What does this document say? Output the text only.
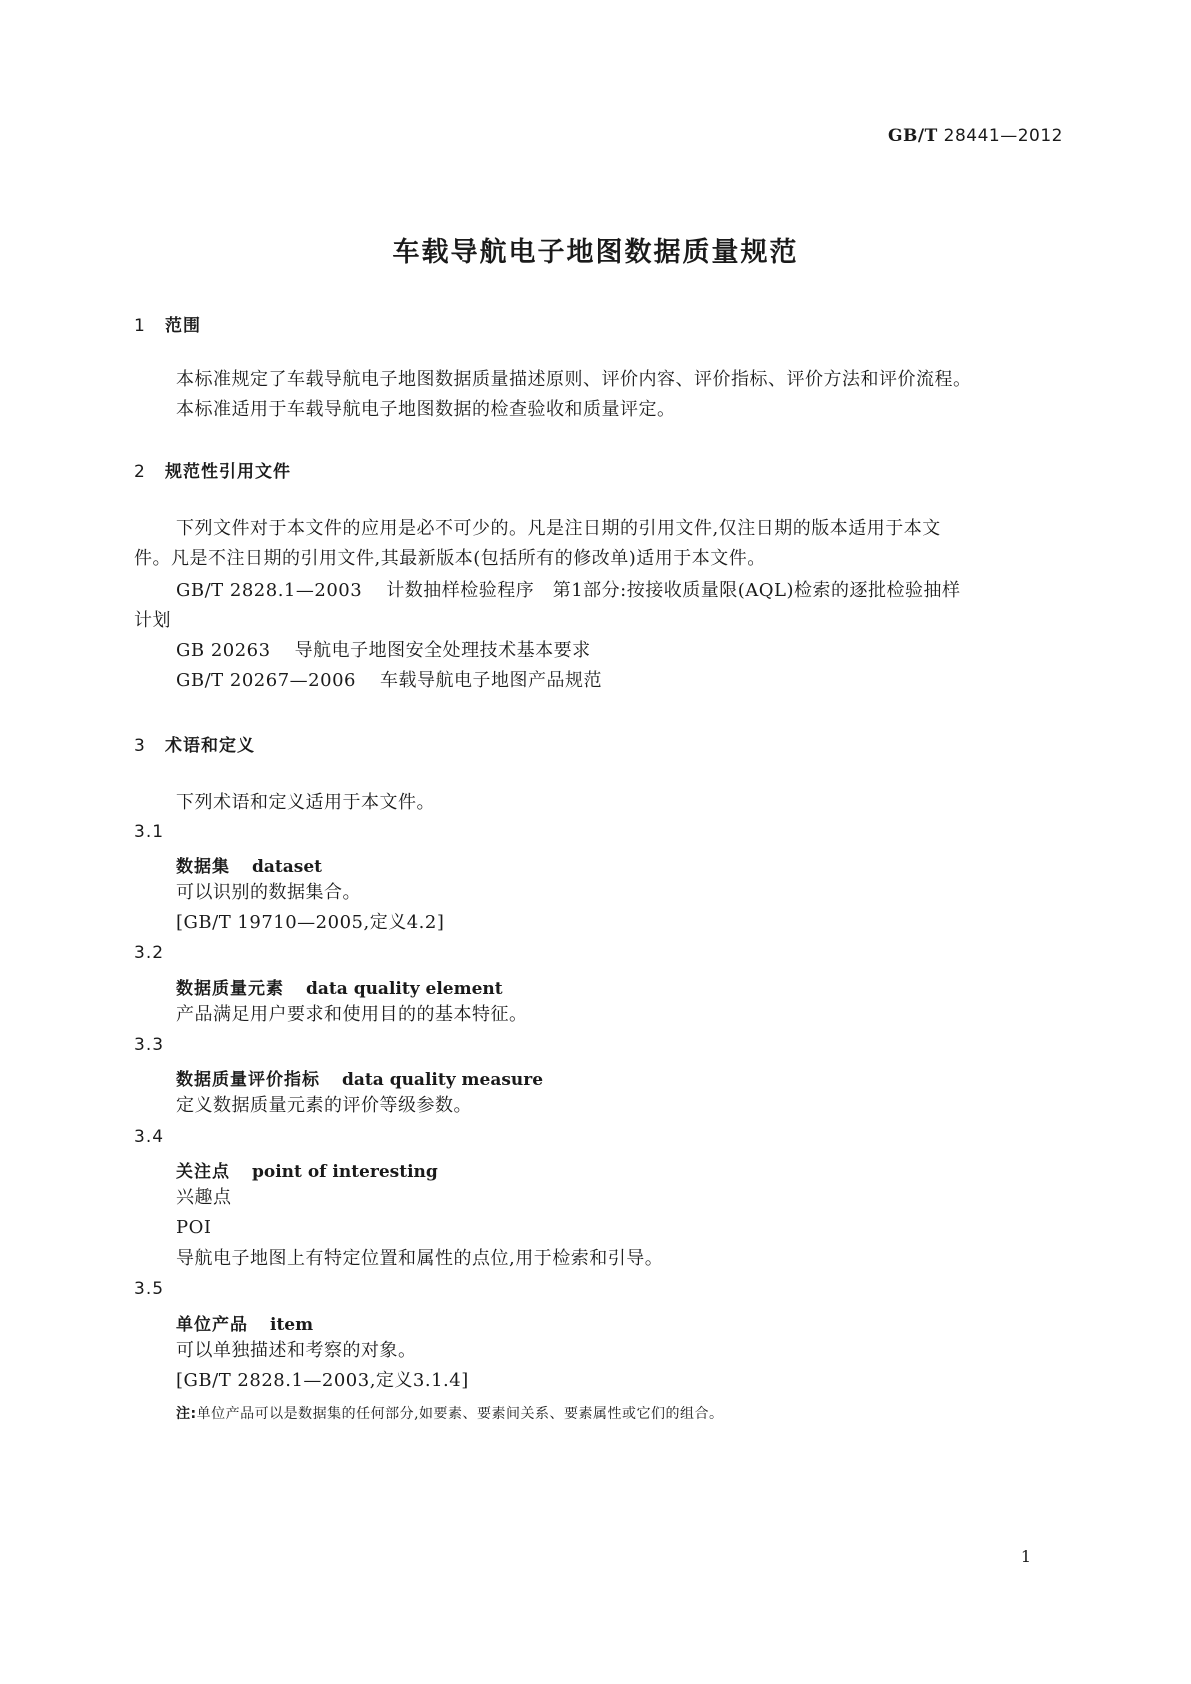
GB/T 28441—2012
车载导航电子地图数据质量规范
1 范围
本标准规定了车载导航电子地图数据质量描述原则、评价内容、评价指标、评价方法和评价流程。
本标准适用于车载导航电子地图数据的检查验收和质量评定。
2 规范性引用文件
下列文件对于本文件的应用是必不可少的。凡是注日期的引用文件,仅注日期的版本适用于本文
件。凡是不注日期的引用文件,其最新版本(包括所有的修改单)适用于本文件。
GB/T 2828.1—2003 计数抽样检验程序　第1部分:按接收质量限(AQL)检索的逐批检验抽样
计划
GB 20263 导航电子地图安全处理技术基本要求
GB/T 20267—2006 车载导航电子地图产品规范
3 术语和定义
下列术语和定义适用于本文件。
3.1
数据集 dataset
可以识别的数据集合。
[GB/T 19710—2005,定义4.2]
3.2
数据质量元素 data quality element
产品满足用户要求和使用目的的基本特征。
3.3
数据质量评价指标 data quality measure
定义数据质量元素的评价等级参数。
3.4
关注点 point of interesting
兴趣点
POI
导航电子地图上有特定位置和属性的点位,用于检索和引导。
3.5
单位产品 item
可以单独描述和考察的对象。
[GB/T 2828.1—2003,定义3.1.4]
注:单位产品可以是数据集的任何部分,如要素、要素间关系、要素属性或它们的组合。
1
